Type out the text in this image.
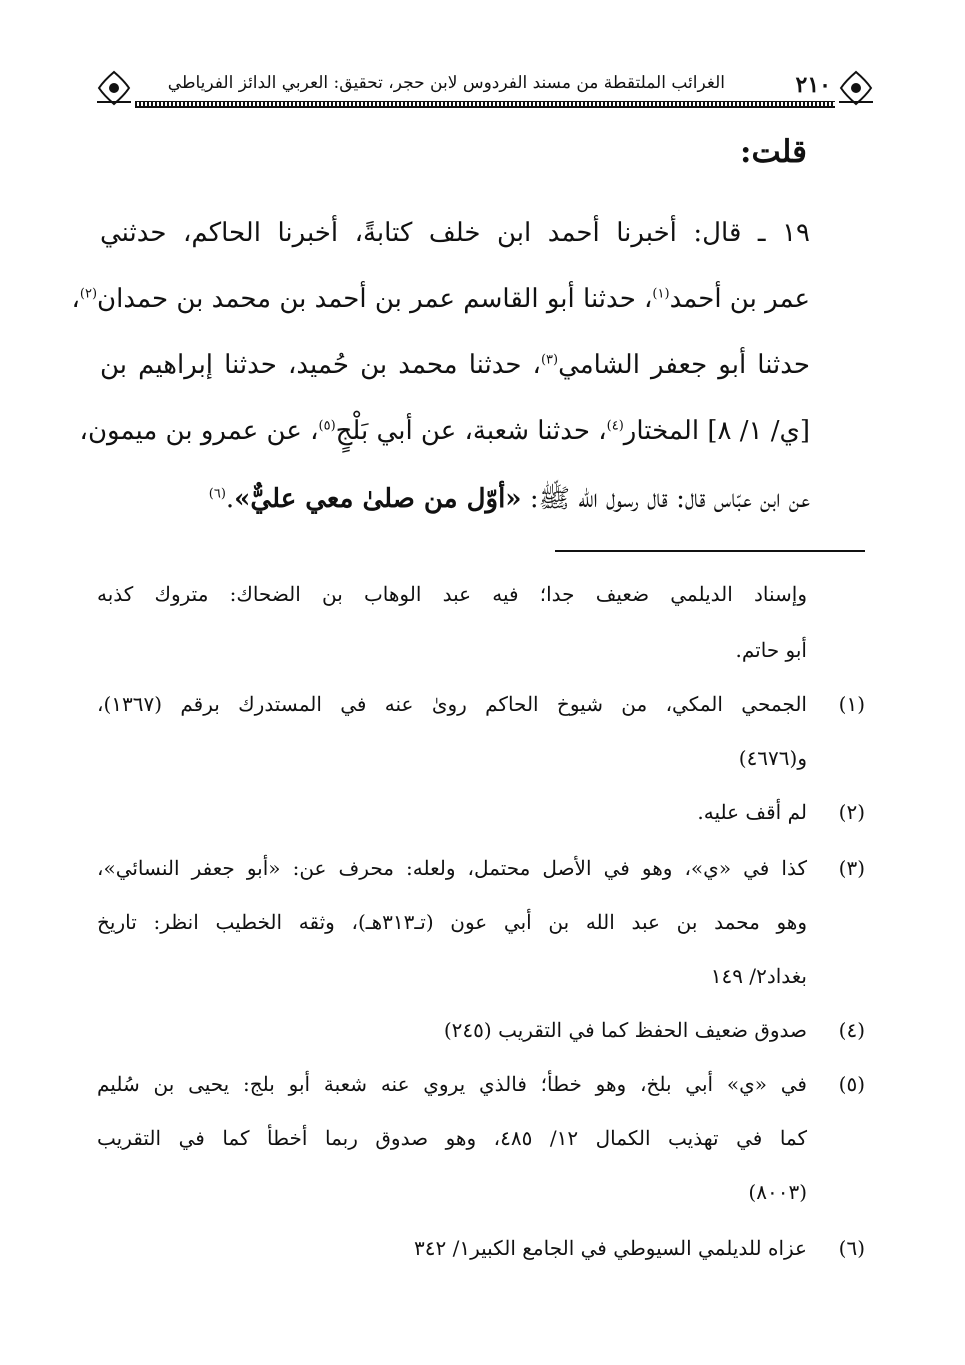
٢١٠
الغرائب الملتقطة من مسند الفردوس لابن حجر، تحقيق: العربي الدائز الفرياطي
قلت:
١٩ ـ قال: أخبرنا أحمد ابن خلف كتابةً، أخبرنا الحاكم، حدثني
عمر بن أحمد$^{(١)}$، حدثنا أبو القاسم عمر بن أحمد بن محمد بن حمدان$^{(٢)}$،
حدثنا أبو جعفر الشامي$^{(٣)}$، حدثنا محمد بن حُميد، حدثنا إبراهيم بن
[ي/ ١/ ٨] المختار$^{(٤)}$، حدثنا شعبة، عن أبي بَلْجٍ$^{(٥)}$، عن عمرو بن ميمون،
عن ابن عبّاس قال: قال رسول الله ﷺ: «أوّل من صلىٰ معي عليٌّ».$^{(٦)}$
وإسناد الديلمي ضعيف جدا؛ فيه عبد الوهاب بن الضحاك: متروك كذبه
أبو حاتم.
(١)
الجمحي المكي، من شيوخ الحاكم روىٰ عنه في المستدرك برقم (١٣٦٧)،
و(٤٦٧٦)
(٢)
لم أقف عليه.
(٣)
كذا في «ي»، وهو في الأصل محتمل، ولعله: محرف عن: «أبو جعفر النسائي»،
وهو محمد بن عبد الله بن أبي عون (تـ٣١٣هـ)، وثقه الخطيب انظر: تاريخ
بغداد٢/ ١٤٩
(٤)
صدوق ضعيف الحفظ كما في التقريب (٢٤٥)
(٥)
في «ي» أبي بلخ، وهو خطأ؛ فالذي يروي عنه شعبة أبو بلج: يحيى بن سُليم
كما في تهذيب الكمال ١٢/ ٤٨٥، وهو صدوق ربما أخطأ كما في التقريب
(٨٠٠٣)
(٦)
عزاه للديلمي السيوطي في الجامع الكبير١/ ٣٤٢
